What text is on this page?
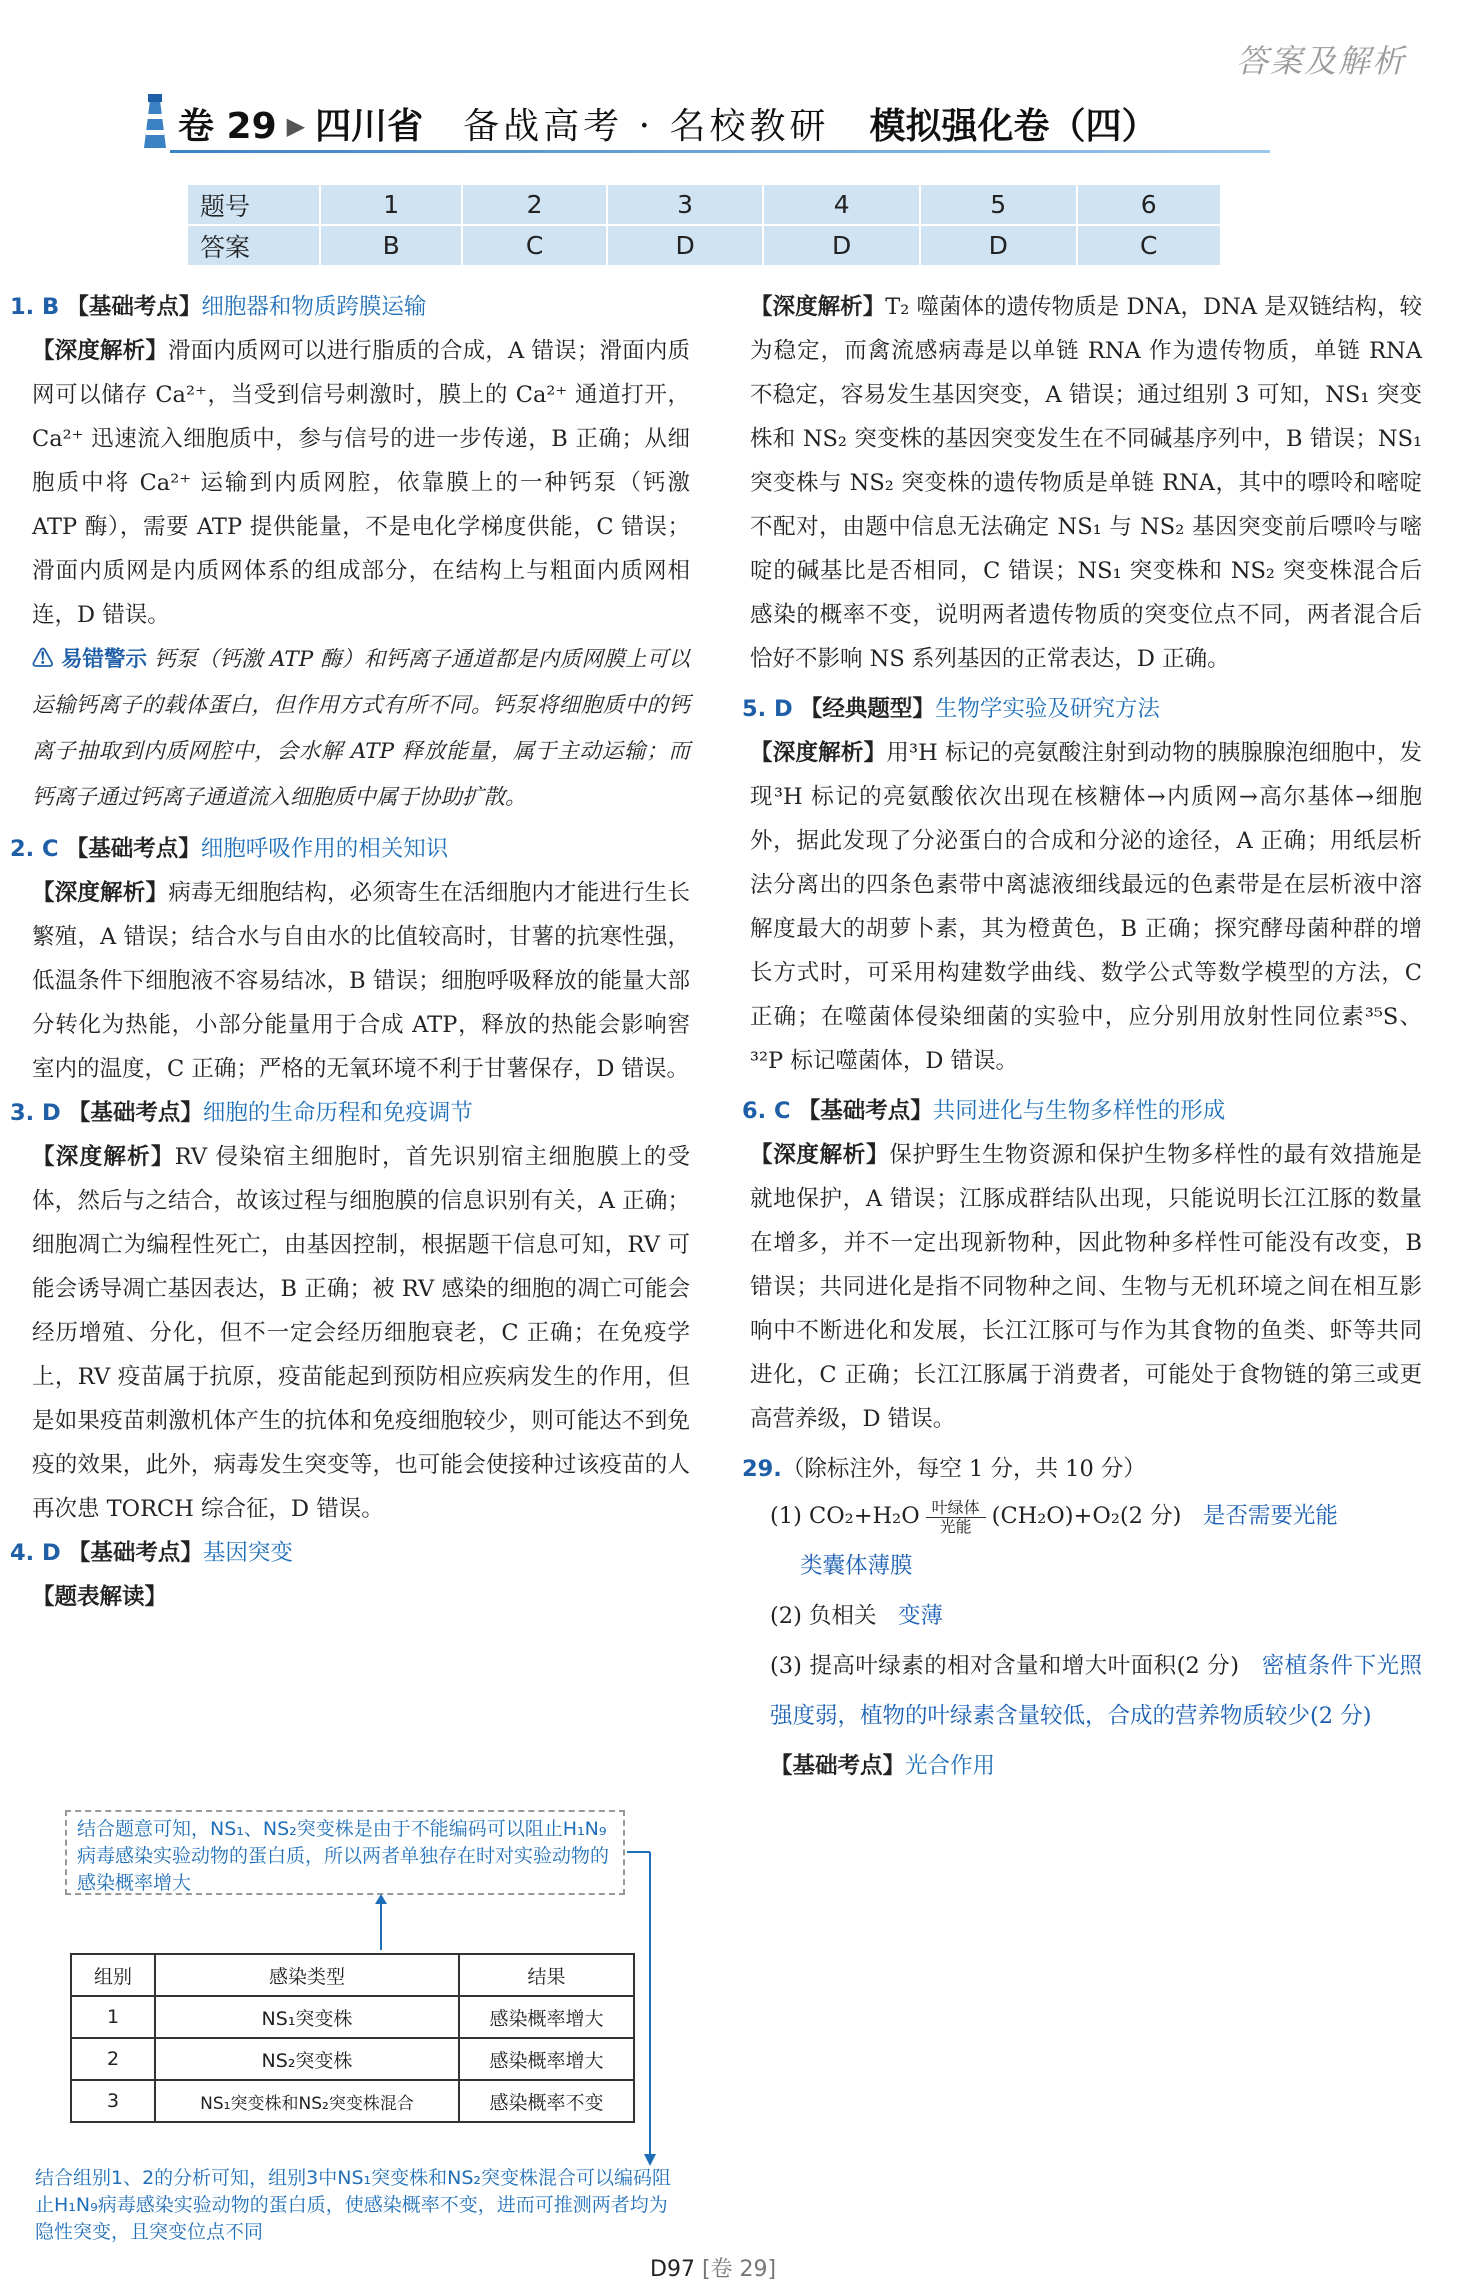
答案及解析
卷 29 ▶ 四川省 备战高考 · 名校教研 模拟强化卷（四）
题号	1	2	3	4	5	6
答案	B	C	D	D	D	C

1. B 【基础考点】细胞器和物质跨膜运输

【深度解析】滑面内质网可以进行脂质的合成，A 错误；滑面内质网可以储存 Ca²⁺，当受到信号刺激时，膜上的 Ca²⁺ 通道打开，Ca²⁺ 迅速流入细胞质中，参与信号的进一步传递，B 正确；从细胞质中将 Ca²⁺ 运输到内质网腔，依靠膜上的一种钙泵（钙激 ATP 酶），需要 ATP 提供能量，不是电化学梯度供能，C 错误；滑面内质网是内质网体系的组成部分，在结构上与粗面内质网相连，D 错误。

⚠ 易错警示 钙泵（钙激 ATP 酶）和钙离子通道都是内质网膜上可以运输钙离子的载体蛋白，但作用方式有所不同。钙泵将细胞质中的钙离子抽取到内质网腔中，会水解 ATP 释放能量，属于主动运输；而钙离子通过钙离子通道流入细胞质中属于协助扩散。

2. C 【基础考点】细胞呼吸作用的相关知识

【深度解析】病毒无细胞结构，必须寄生在活细胞内才能进行生长繁殖，A 错误；结合水与自由水的比值较高时，甘薯的抗寒性强，低温条件下细胞液不容易结冰，B 错误；细胞呼吸释放的能量大部分转化为热能，小部分能量用于合成 ATP，释放的热能会影响窖室内的温度，C 正确；严格的无氧环境不利于甘薯保存，D 错误。

3. D 【基础考点】细胞的生命历程和免疫调节

【深度解析】RV 侵染宿主细胞时，首先识别宿主细胞膜上的受体，然后与之结合，故该过程与细胞膜的信息识别有关，A 正确；细胞凋亡为编程性死亡，由基因控制，根据题干信息可知，RV 可能会诱导凋亡基因表达，B 正确；被 RV 感染的细胞的凋亡可能会经历增殖、分化，但不一定会经历细胞衰老，C 正确；在免疫学上，RV 疫苗属于抗原，疫苗能起到预防相应疾病发生的作用，但是如果疫苗刺激机体产生的抗体和免疫细胞较少，则可能达不到免疫的效果，此外，病毒发生突变等，也可能会使接种过该疫苗的人再次患 TORCH 综合征，D 错误。

4. D 【基础考点】基因突变

【题表解读】

结合题意可知，NS₁、NS₂突变株是由于不能编码可以阻止H₁N₉病毒感染实验动物的蛋白质，所以两者单独存在时对实验动物的感染概率增大
组别	感染类型	结果
1	NS₁突变株	感染概率增大
2	NS₂突变株	感染概率增大
3	NS₁突变株和NS₂突变株混合	感染概率不变
结合组别1、2的分析可知，组别3中NS₁突变株和NS₂突变株混合可以编码阻止H₁N₉病毒感染实验动物的蛋白质，使感染概率不变，进而可推测两者均为隐性突变，且突变位点不同

【深度解析】T₂ 噬菌体的遗传物质是 DNA，DNA 是双链结构，较为稳定，而禽流感病毒是以单链 RNA 作为遗传物质，单链 RNA 不稳定，容易发生基因突变，A 错误；通过组别 3 可知，NS₁ 突变株和 NS₂ 突变株的基因突变发生在不同碱基序列中，B 错误；NS₁ 突变株与 NS₂ 突变株的遗传物质是单链 RNA，其中的嘌呤和嘧啶不配对，由题中信息无法确定 NS₁ 与 NS₂ 基因突变前后嘌呤与嘧啶的碱基比是否相同，C 错误；NS₁ 突变株和 NS₂ 突变株混合后感染的概率不变，说明两者遗传物质的突变位点不同，两者混合后恰好不影响 NS 系列基因的正常表达，D 正确。

5. D 【经典题型】生物学实验及研究方法

【深度解析】用³H 标记的亮氨酸注射到动物的胰腺腺泡细胞中，发现³H 标记的亮氨酸依次出现在核糖体→内质网→高尔基体→细胞外，据此发现了分泌蛋白的合成和分泌的途径，A 正确；用纸层析法分离出的四条色素带中离滤液细线最远的色素带是在层析液中溶解度最大的胡萝卜素，其为橙黄色，B 正确；探究酵母菌种群的增长方式时，可采用构建数学曲线、数学公式等数学模型的方法，C 正确；在噬菌体侵染细菌的实验中，应分别用放射性同位素³⁵S、³²P 标记噬菌体，D 错误。

6. C 【基础考点】共同进化与生物多样性的形成

【深度解析】保护野生生物资源和保护生物多样性的最有效措施是就地保护，A 错误；江豚成群结队出现，只能说明长江江豚的数量在增多，并不一定出现新物种，因此物种多样性可能没有改变，B 错误；共同进化是指不同物种之间、生物与无机环境之间在相互影响中不断进化和发展，长江江豚可与作为其食物的鱼类、虾等共同进化，C 正确；长江江豚属于消费者，可能处于食物链的第三或更高营养级，D 错误。

29.（除标注外，每空 1 分，共 10 分）

(1) $CO_2+H_2O \frac{\text{叶绿体}}{\text{光能}} (CH_2O)+O_2(2$ 分) 是否需要光能

类囊体薄膜

(2) 负相关 变薄

(3) 提高叶绿素的相对含量和增大叶面积(2 分) 密植条件下光照强度弱，植物的叶绿素含量较低，合成的营养物质较少(2 分)

【基础考点】光合作用

D97 [卷 29]
